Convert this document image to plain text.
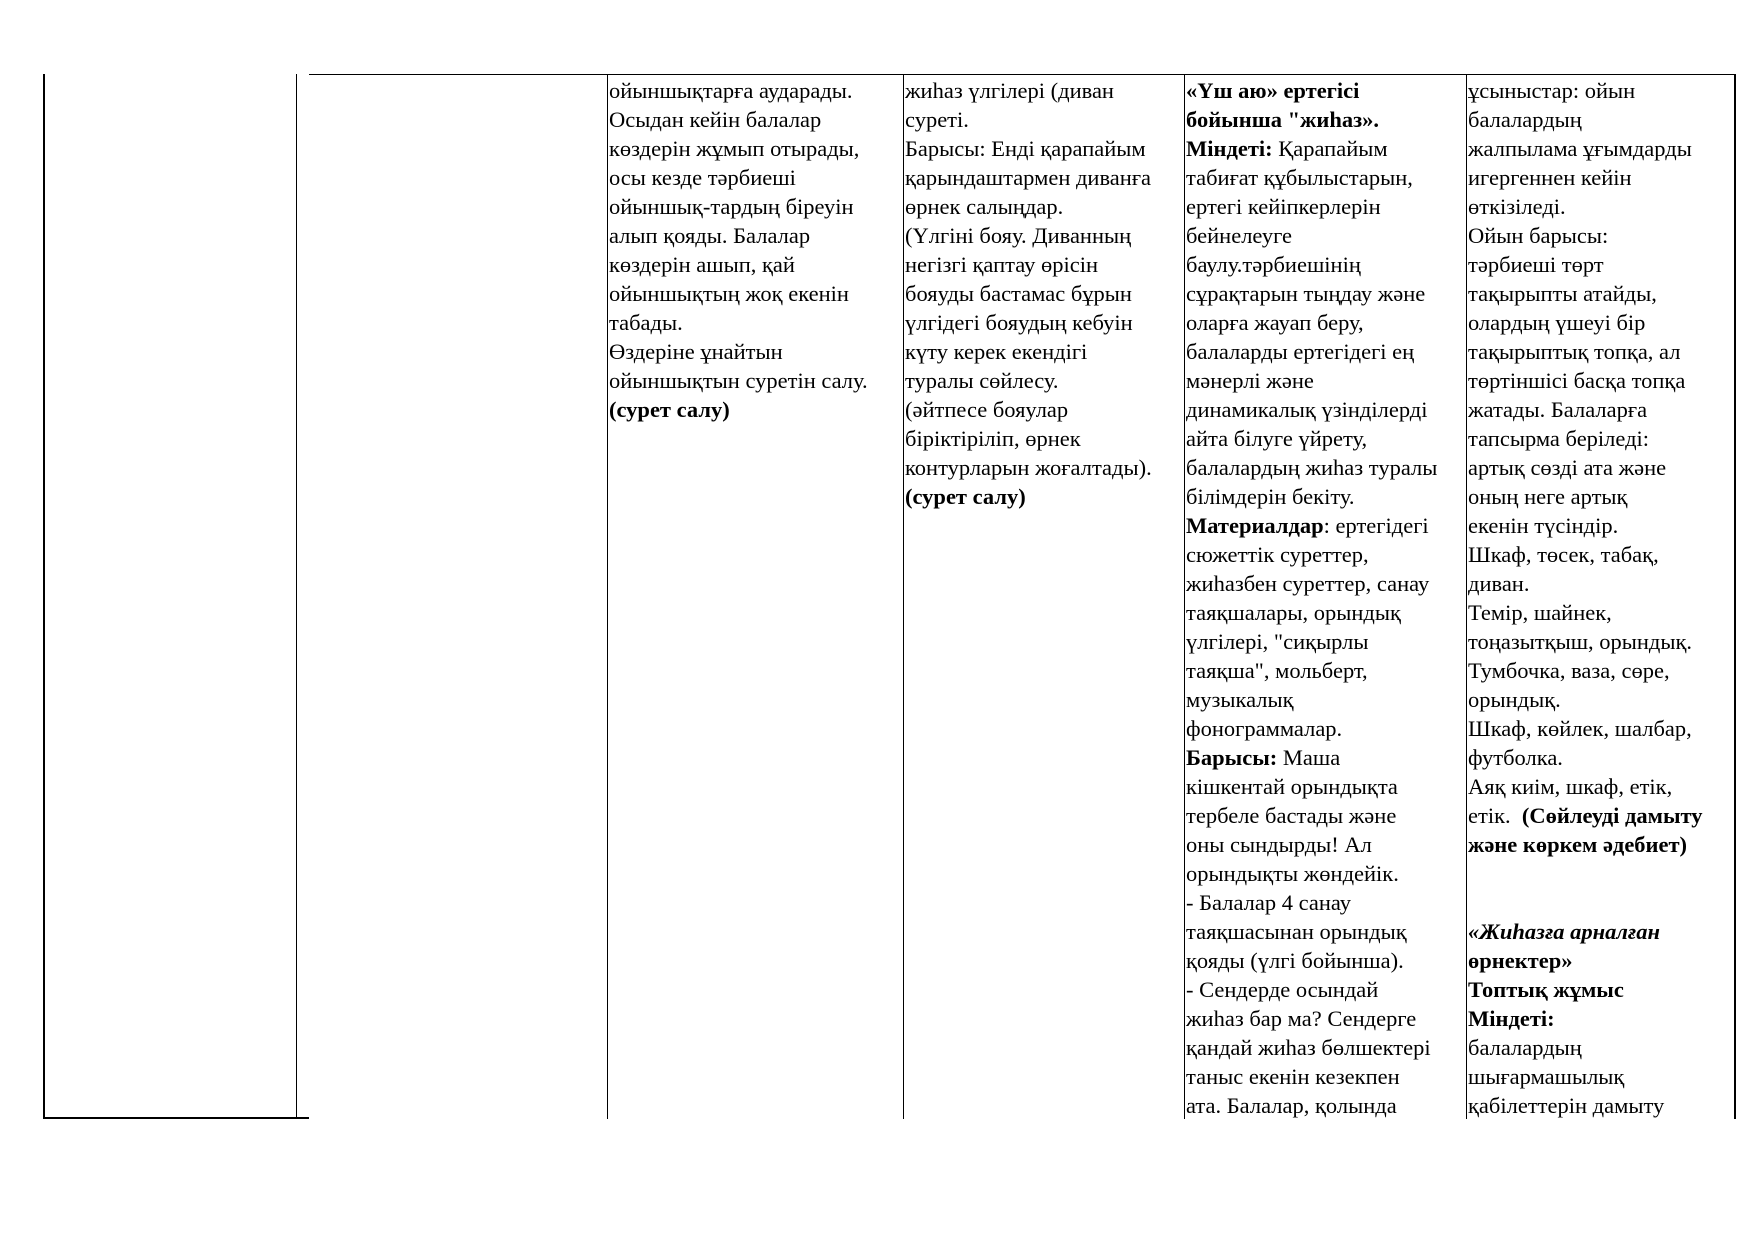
ойыншықтарға аударады.

Осыдан кейін балалар

көздерін жұмып отырады,

осы кезде тәрбиеші

ойыншық-тардың біреуін

алып қояды. Балалар

көздерін ашып, қай

ойыншықтың жоқ екенін

табады.

Өздеріне ұнайтын

ойыншықтын суретін салу.

(сурет салу)

жиһаз үлгілері (диван

суреті.

Барысы: Енді қарапайым

қарындаштармен диванға

өрнек салыңдар.

(Үлгіні бояу. Диванның

негізгі қаптау өрісін

бояуды бастамас бұрын

үлгідегі бояудың кебуін

күту керек екендігі

туралы сөйлесу.

(әйтпесе бояулар

біріктіріліп, өрнек

контурларын жоғалтады).

(сурет салу)

«Үш аю» ертегісі

бойынша "жиһаз».

Міндеті: Қарапайым

табиғат құбылыстарын,

ертегі кейіпкерлерін

бейнелеуге

баулу.тәрбиешінің

сұрақтарын тыңдау және

оларға жауап беру,

балаларды ертегідегі ең

мәнерлі және

динамикалық үзінділерді

айта білуге үйрету,

балалардың жиһаз туралы

білімдерін бекіту.

Материалдар: ертегідегі

сюжеттік суреттер,

жиһазбен суреттер, санау

таяқшалары, орындық

үлгілері, "сиқырлы

таяқша", мольберт,

музыкалық

фонограммалар.

Барысы: Маша

кішкентай орындықта

тербеле бастады және

оны сындырды! Ал

орындықты жөндейік.

- Балалар 4 санау

таяқшасынан орындық

қояды (үлгі бойынша).

- Сендерде осындай

жиһаз бар ма? Сендерге

қандай жиһаз бөлшектері

таныс екенін кезекпен

ата. Балалар, қолында

ұсыныстар: ойын

балалардың

жалпылама ұғымдарды

игергеннен кейін

өткізіледі.

Ойын барысы:

тәрбиеші төрт

тақырыпты атайды,

олардың үшеуі бір

тақырыптық топқа, ал

төртіншісі басқа топқа

жатады. Балаларға

тапсырма беріледі:

артық сөзді ата және

оның неге артық

екенін түсіндір.

Шкаф, төсек, табақ,

диван.

Темір, шайнек,

тоңазытқыш, орындық.

Тумбочка, ваза, сөре,

орындық.

Шкаф, көйлек, шалбар,

футболка.

Аяқ киім, шкаф, етік,

етік. (Сөйлеуді дамыту

және көркем әдебиет)

«Жиһазға арналған

өрнектер»

Топтық жұмыс

Міндеті:

балалардың

шығармашылық

қабілеттерін дамыту
